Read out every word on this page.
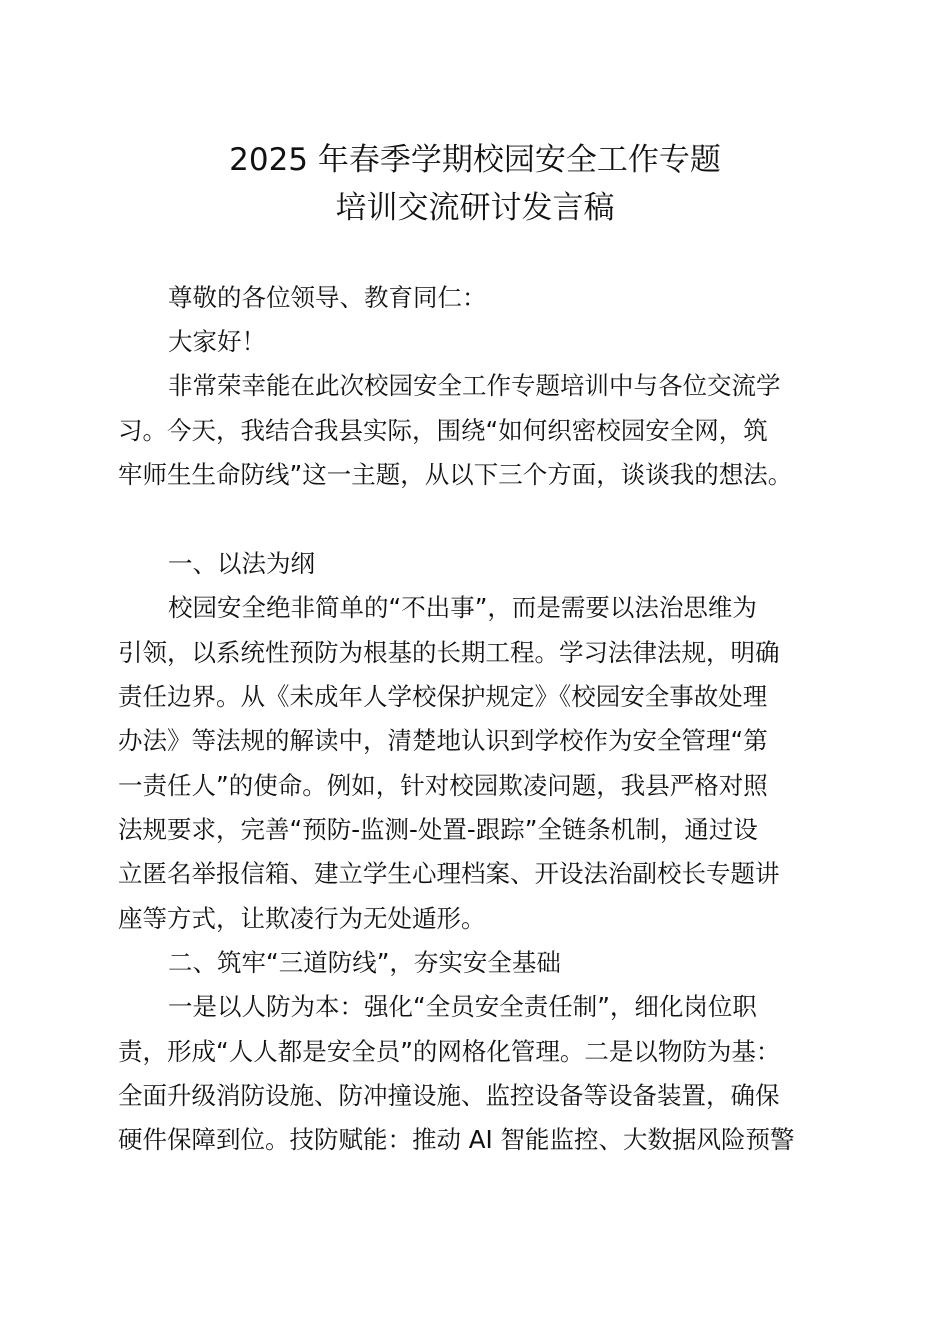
2025 年春季学期校园安全工作专题
培训交流研讨发言稿
尊敬的各位领导、教育同仁：
大家好！
非常荣幸能在此次校园安全工作专题培训中与各位交流学
习。今天，我结合我县实际，围绕“如何织密校园安全网，筑
牢师生生命防线”这一主题，从以下三个方面，谈谈我的想法。
一、以法为纲
校园安全绝非简单的“不出事”，而是需要以法治思维为
引领，以系统性预防为根基的长期工程。学习法律法规，明确
责任边界。从《未成年人学校保护规定》《校园安全事故处理
办法》等法规的解读中，清楚地认识到学校作为安全管理“第
一责任人”的使命。例如，针对校园欺凌问题，我县严格对照
法规要求，完善“预防-监测-处置-跟踪”全链条机制，通过设
立匿名举报信箱、建立学生心理档案、开设法治副校长专题讲
座等方式，让欺凌行为无处遁形。
二、筑牢“三道防线”，夯实安全基础
一是以人防为本：强化“全员安全责任制”，细化岗位职
责，形成“人人都是安全员”的网格化管理。二是以物防为基：
全面升级消防设施、防冲撞设施、监控设备等设备装置，确保
硬件保障到位。技防赋能：推动 AI 智能监控、大数据风险预警
